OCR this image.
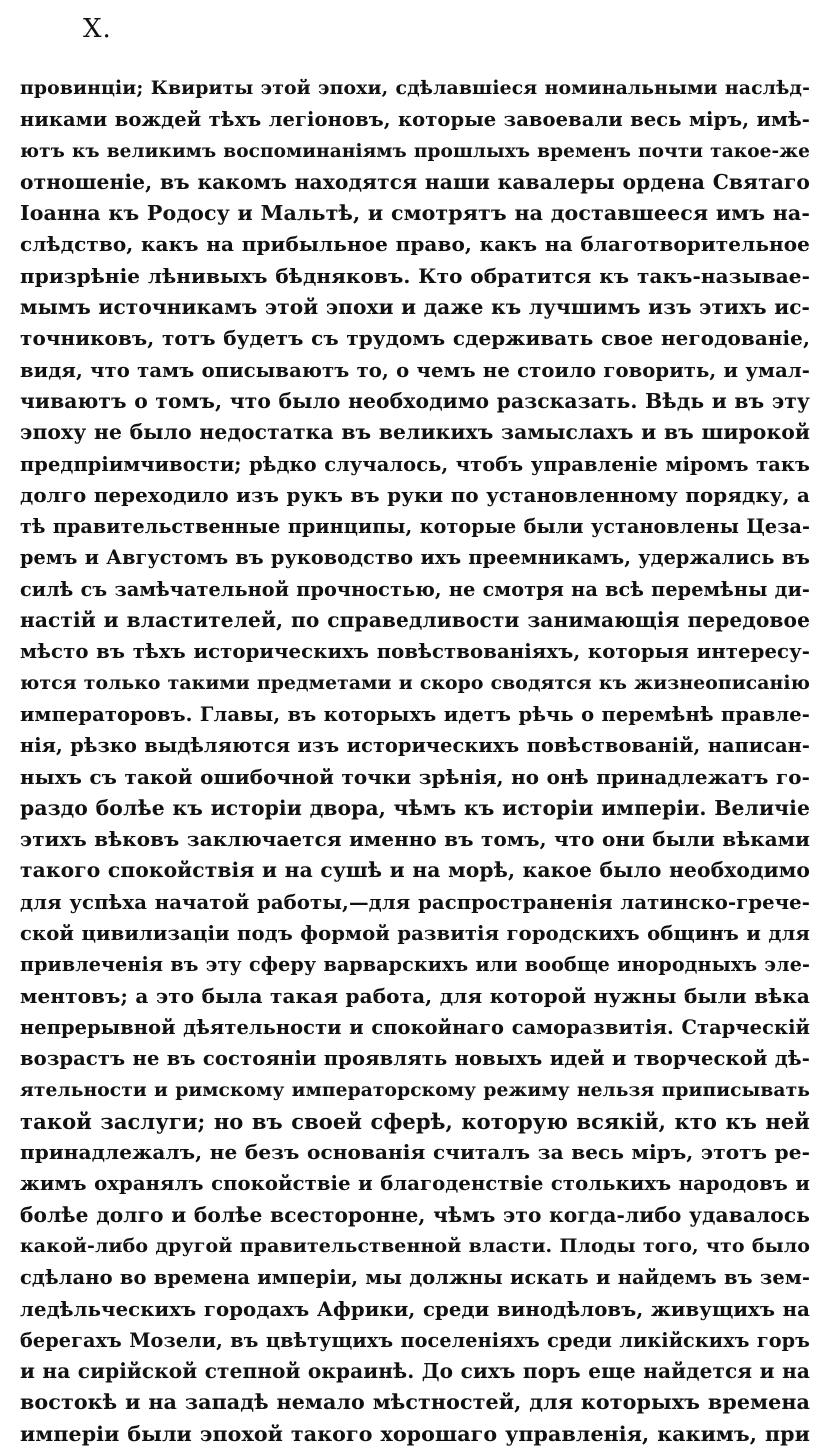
X.
провинціи; Квириты этой эпохи, сдѣлавшіеся номинальными наслѣд-
никами вождей тѣхъ легіоновъ, которые завоевали весь міръ, имѣ-
ютъ къ великимъ воспоминаніямъ прошлыхъ временъ почти такое-же
отношеніе, въ какомъ находятся наши кавалеры ордена Святаго
Іоанна къ Родосу и Мальтѣ, и смотрятъ на доставшееся имъ на-
слѣдство, какъ на прибыльное право, какъ на благотворительное
призрѣніе лѣнивыхъ бѣдняковъ. Кто обратится къ такъ-называе-
мымъ источникамъ этой эпохи и даже къ лучшимъ изъ этихъ ис-
точниковъ, тотъ будетъ съ трудомъ сдерживать свое негодованіе,
видя, что тамъ описываютъ то, о чемъ не стоило говорить, и умал-
чиваютъ о томъ, что было необходимо разсказать. Вѣдь и въ эту
эпоху не было недостатка въ великихъ замыслахъ и въ широкой
предпріимчивости; рѣдко случалось, чтобъ управленіе міромъ такъ
долго переходило изъ рукъ въ руки по установленному порядку, а
тѣ правительственные принципы, которые были установлены Цеза-
ремъ и Августомъ въ руководство ихъ преемникамъ, удержались въ
силѣ съ замѣчательной прочностью, не смотря на всѣ перемѣны ди-
настій и властителей, по справедливости занимающія передовое
мѣсто въ тѣхъ историческихъ повѣствованіяхъ, которыя интересу-
ются только такими предметами и скоро сводятся къ жизнеописанію
императоровъ. Главы, въ которыхъ идетъ рѣчь о перемѣнѣ правле-
нія, рѣзко выдѣляются изъ историческихъ повѣствованій, написан-
ныхъ съ такой ошибочной точки зрѣнія, но онѣ принадлежатъ го-
раздо болѣе къ исторіи двора, чѣмъ къ исторіи имперіи. Величіе
этихъ вѣковъ заключается именно въ томъ, что они были вѣками
такого спокойствія и на сушѣ и на морѣ, какое было необходимо
для успѣха начатой работы,—для распространенія латинско-грече-
ской цивилизаціи подъ формой развитія городскихъ общинъ и для
привлеченія въ эту сферу варварскихъ или вообще инородныхъ эле-
ментовъ; а это была такая работа, для которой нужны были вѣка
непрерывной дѣятельности и спокойнаго саморазвитія. Старческій
возрастъ не въ состояніи проявлять новыхъ идей и творческой дѣ-
ятельности и римскому императорскому режиму нельзя приписывать
такой заслуги; но въ своей сферѣ, которую всякій, кто къ ней
принадлежалъ, не безъ основанія считалъ за весь міръ, этотъ ре-
жимъ охранялъ спокойствіе и благоденствіе столькихъ народовъ и
болѣе долго и болѣе всесторонне, чѣмъ это когда-либо удавалось
какой-либо другой правительственной власти. Плоды того, что было
сдѣлано во времена имперіи, мы должны искать и найдемъ въ зем-
ледѣльческихъ городахъ Африки, среди винодѣловъ, живущихъ на
берегахъ Мозели, въ цвѣтущихъ поселеніяхъ среди ликійскихъ горъ
и на сирійской степной окраинѣ. До сихъ поръ еще найдется и на
востокѣ и на западѣ немало мѣстностей, для которыхъ времена
имперіи были эпохой такого хорошаго управленія, какимъ, при
